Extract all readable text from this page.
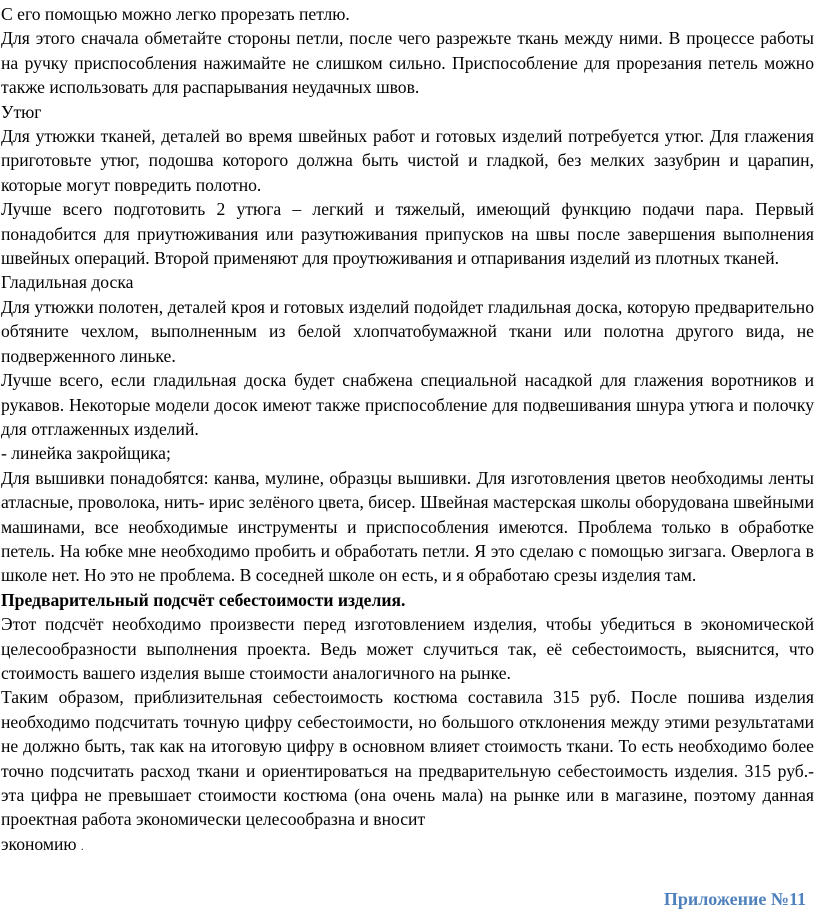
С его помощью можно легко прорезать петлю.

Для этого сначала обметайте стороны петли, после чего разрежьте ткань между ними. В процессе работы на ручку приспособления нажимайте не слишком сильно. Приспособление для прорезания петель можно также использовать для распарывания неудачных швов.

Утюг

Для утюжки тканей, деталей во время швейных работ и готовых изделий потребуется утюг. Для глажения приготовьте утюг, подошва которого должна быть чистой и гладкой, без мелких зазубрин и царапин, которые могут повредить полотно.

Лучше всего подготовить 2 утюга – легкий и тяжелый, имеющий функцию подачи пара. Первый понадобится для приутюживания или разутюживания припусков на швы после завершения выполнения швейных операций. Второй применяют для проутюживания и отпаривания изделий из плотных тканей.

Гладильная доска

Для утюжки полотен, деталей кроя и готовых изделий подойдет гладильная доска, которую предварительно обтяните чехлом, выполненным из белой хлопчатобумажной ткани или полотна другого вида, не подверженного линьке.

Лучше всего, если гладильная доска будет снабжена специальной насадкой для глажения воротников и рукавов. Некоторые модели досок имеют также приспособление для подвешивания шнура утюга и полочку для отглаженных изделий.

- линейка закройщика;

Для вышивки понадобятся: канва, мулине, образцы вышивки. Для изготовления цветов необходимы ленты атласные, проволока, нить- ирис зелёного цвета, бисер. Швейная мастерская школы оборудована швейными машинами, все необходимые инструменты и приспособления имеются. Проблема только в обработке петель. На юбке мне необходимо пробить и обработать петли. Я это сделаю с помощью зигзага. Оверлога в школе нет. Но это не проблема. В соседней школе он есть, и я обработаю срезы изделия там.

Предварительный подсчёт себестоимости изделия.

Этот подсчёт необходимо произвести перед изготовлением изделия, чтобы убедиться в экономической целесообразности выполнения проекта. Ведь может случиться так, её себестоимость, выяснится, что стоимость вашего изделия выше стоимости аналогичного на рынке.

Таким образом, приблизительная себестоимость костюма составила 315 руб. После пошива изделия необходимо подсчитать точную цифру себестоимости, но большого отклонения между этими результатами не должно быть, так как на итоговую цифру в основном влияет стоимость ткани. То есть необходимо более точно подсчитать расход ткани и ориентироваться на предварительную себестоимость изделия. 315 руб.- эта цифра не превышает стоимости костюма (она очень мала) на рынке или в магазине, поэтому данная проектная работа экономически целесообразна и вносит

экономию .

Приложение №11
